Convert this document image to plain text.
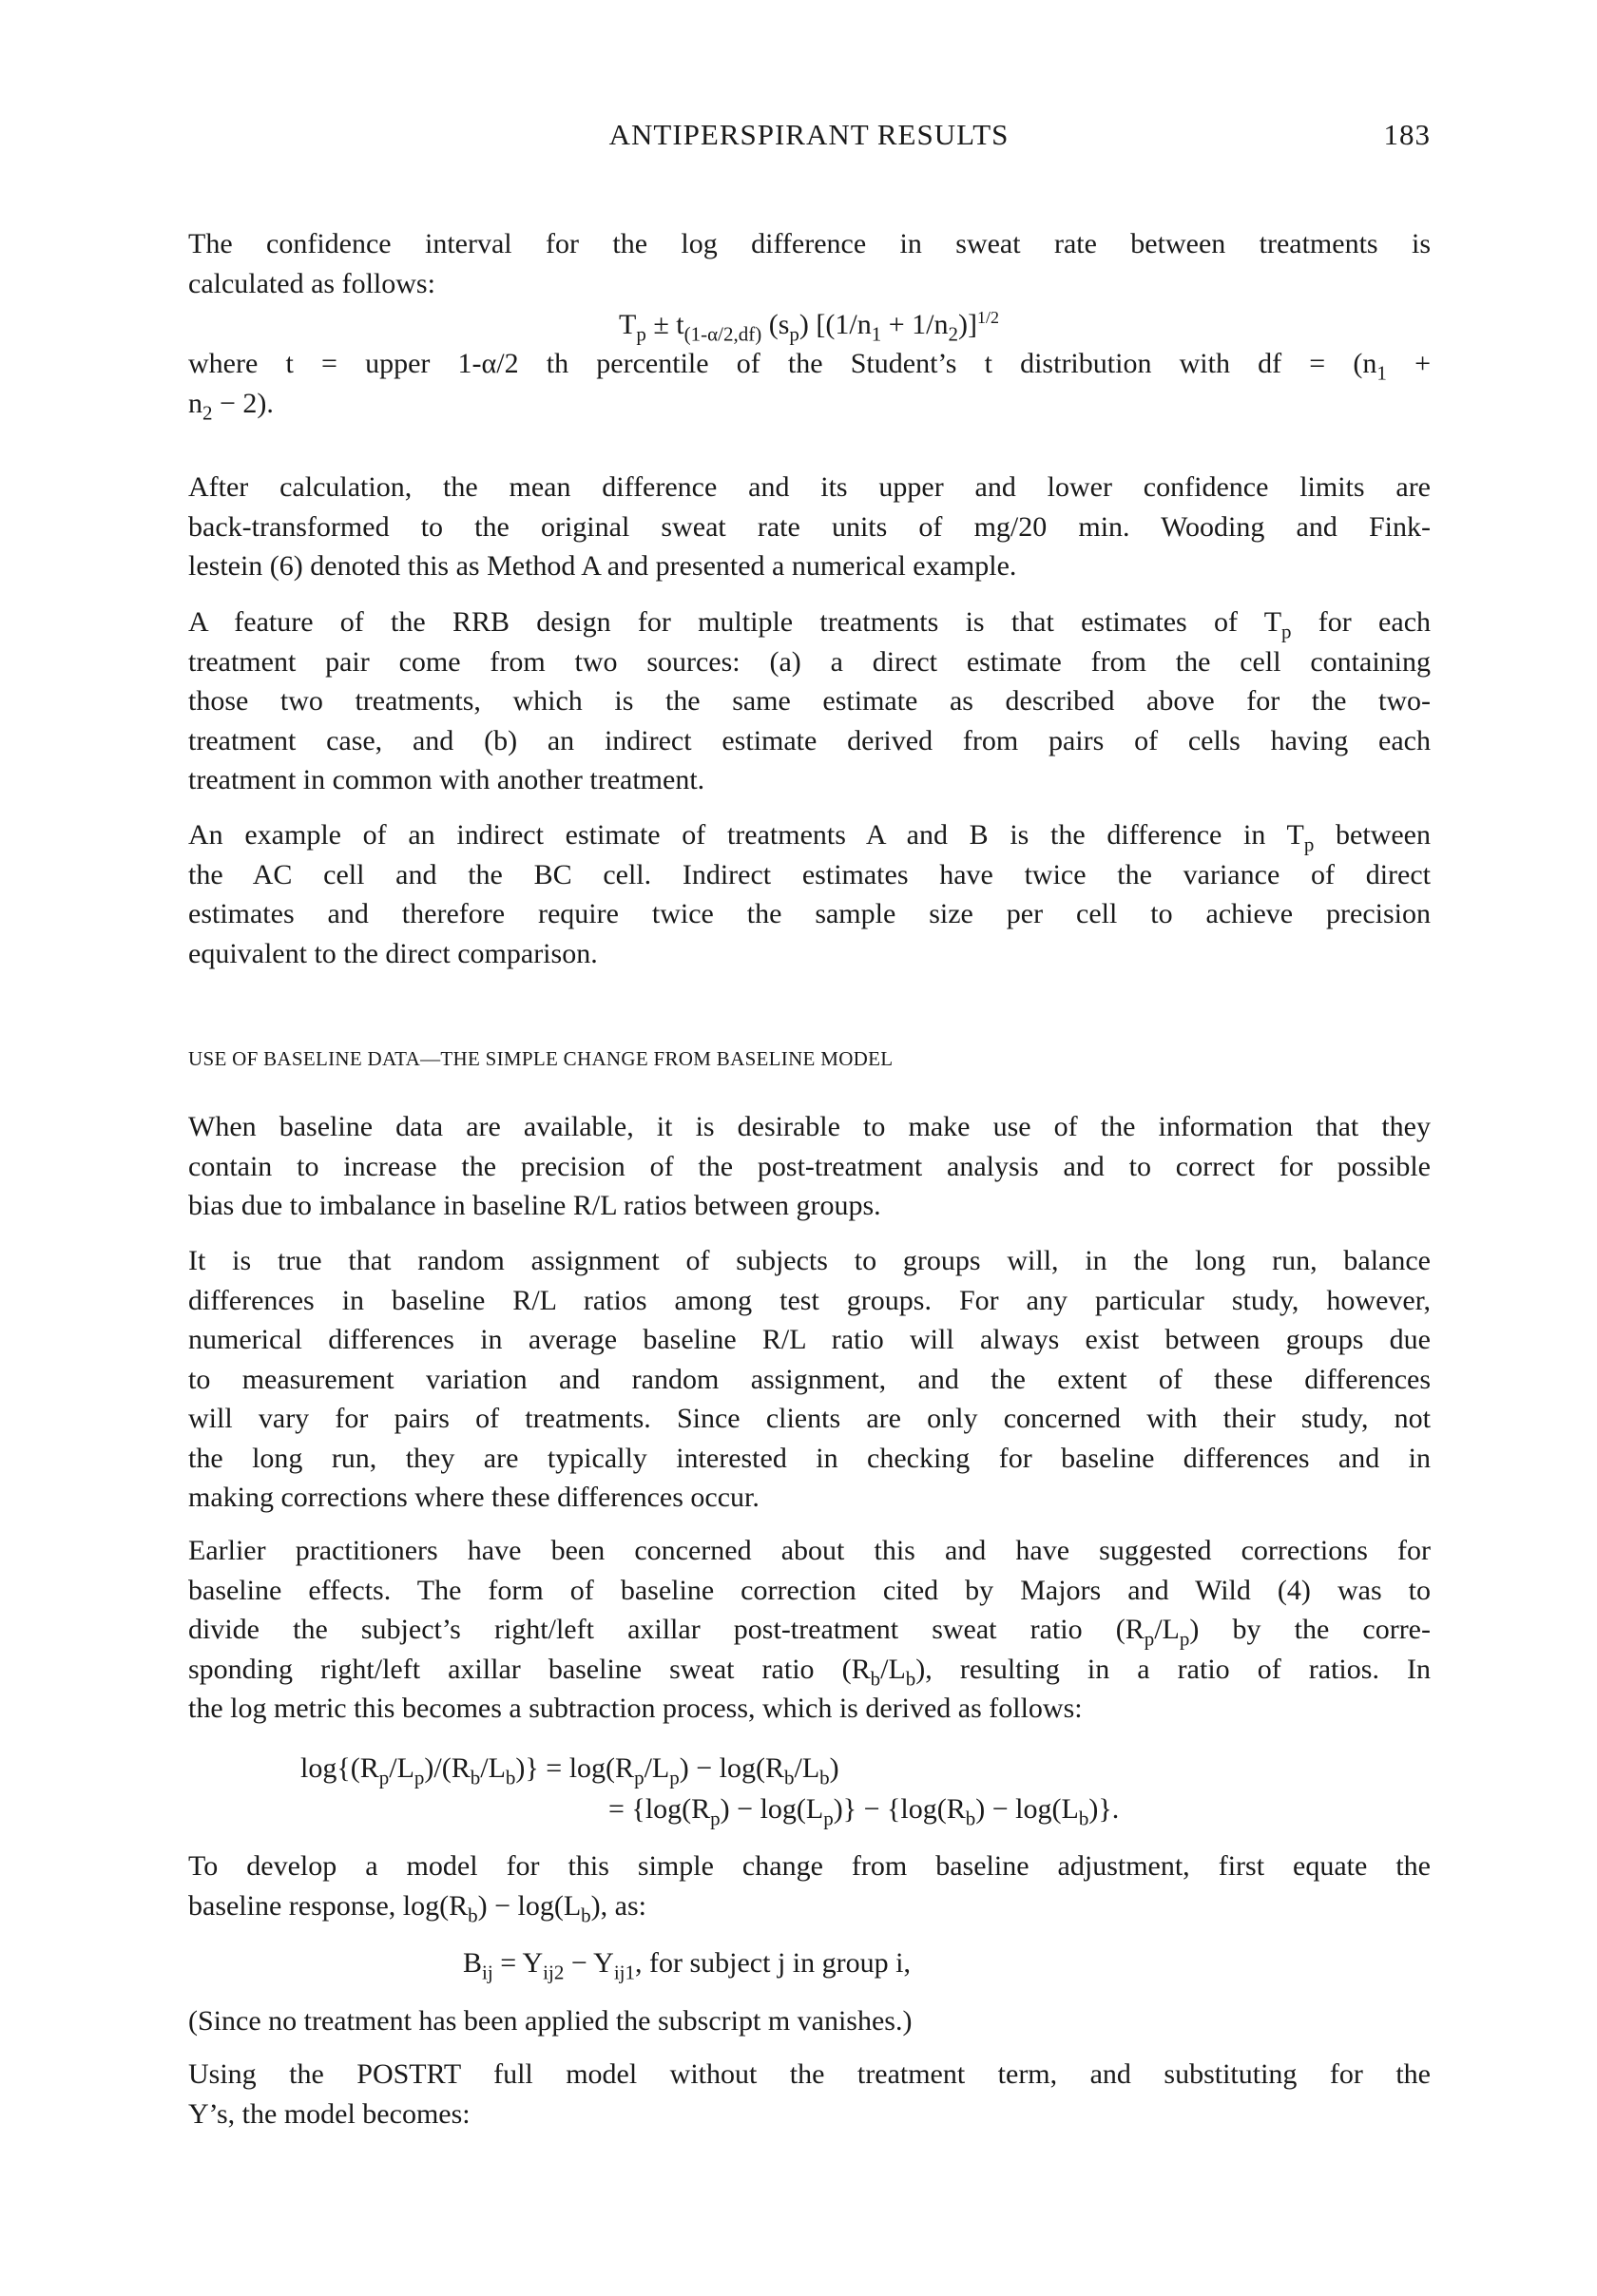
ANTIPERSPIRANT RESULTS	183
The confidence interval for the log difference in sweat rate between treatments is
calculated as follows:
$T_p \pm t_{(1-\alpha/2,df)}$ $(s_p) [(1/n_1 + 1/n_2)]^{1/2}$
where t = upper 1-α/2 th percentile of the Student’s t distribution with df = ($n_1$ +
$n_2 - 2$).
After calculation, the mean difference and its upper and lower confidence limits are
back-transformed to the original sweat rate units of mg/20 min. Wooding and Fink-
lestein (6) denoted this as Method A and presented a numerical example.
A feature of the RRB design for multiple treatments is that estimates of $T_p$ for each
treatment pair come from two sources: (a) a direct estimate from the cell containing
those two treatments, which is the same estimate as described above for the two-
treatment case, and (b) an indirect estimate derived from pairs of cells having each
treatment in common with another treatment.
An example of an indirect estimate of treatments A and B is the difference in $T_p$ between
the AC cell and the BC cell. Indirect estimates have twice the variance of direct
estimates and therefore require twice the sample size per cell to achieve precision
equivalent to the direct comparison.
USE OF BASELINE DATA—THE SIMPLE CHANGE FROM BASELINE MODEL
When baseline data are available, it is desirable to make use of the information that they
contain to increase the precision of the post-treatment analysis and to correct for possible
bias due to imbalance in baseline R/L ratios between groups.
It is true that random assignment of subjects to groups will, in the long run, balance
differences in baseline R/L ratios among test groups. For any particular study, however,
numerical differences in average baseline R/L ratio will always exist between groups due
to measurement variation and random assignment, and the extent of these differences
will vary for pairs of treatments. Since clients are only concerned with their study, not
the long run, they are typically interested in checking for baseline differences and in
making corrections where these differences occur.
Earlier practitioners have been concerned about this and have suggested corrections for
baseline effects. The form of baseline correction cited by Majors and Wild (4) was to
divide the subject’s right/left axillar post-treatment sweat ratio $(R_p/L_p)$ by the corre-
sponding right/left axillar baseline sweat ratio $(R_b/L_b)$, resulting in a ratio of ratios. In
the log metric this becomes a subtraction process, which is derived as follows:
$\log\{(R_p/L_p)/(R_b/L_b)\} = \log(R_p/L_p) - \log(R_b/L_b)$
= $\{\log(R_p) - \log(L_p)\} - \{\log(R_b) - \log(L_b)\}$.
To develop a model for this simple change from baseline adjustment, first equate the
baseline response, $\log(R_b) - \log(L_b)$, as:
$B_{ij} = Y_{ij2} - Y_{ij1}$, for subject j in group i,
(Since no treatment has been applied the subscript m vanishes.)
Using the POSTRT full model without the treatment term, and substituting for the
Y’s, the model becomes:
